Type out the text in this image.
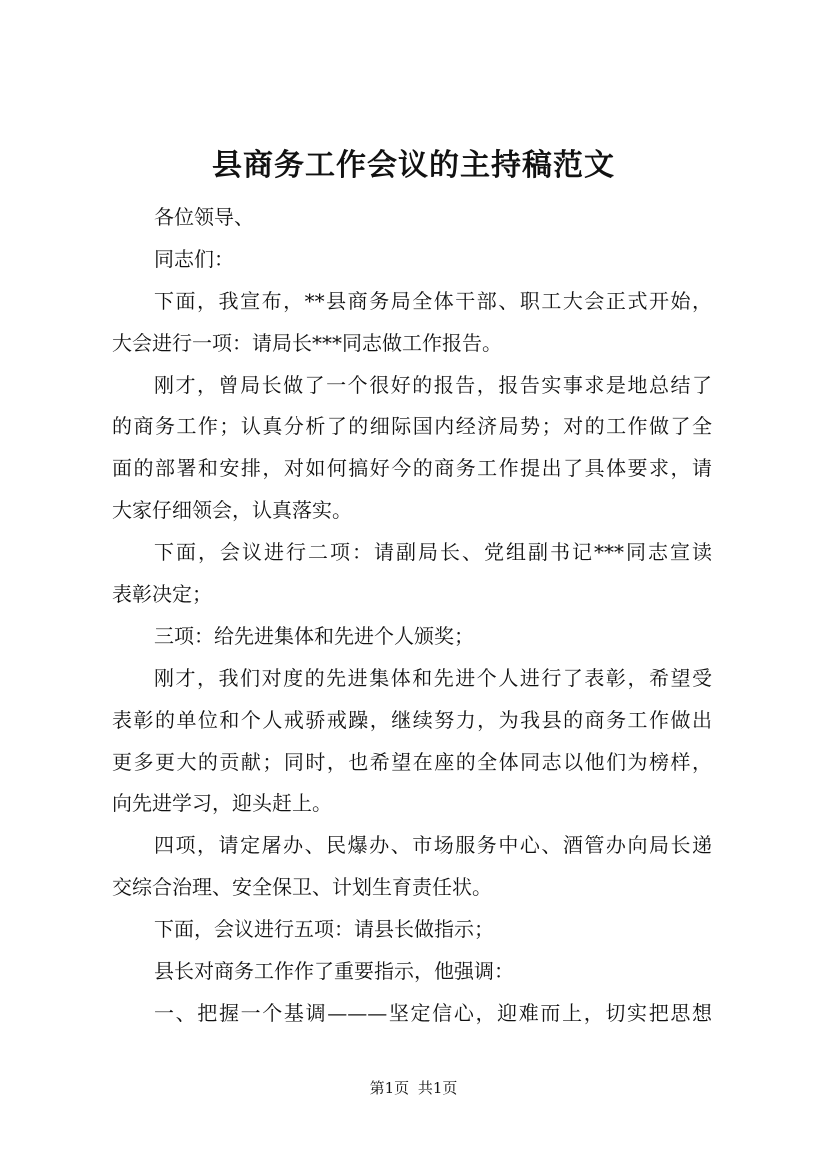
县商务工作会议的主持稿范文
各位领导、
同志们：
下面，我宣布，**县商务局全体干部、职工大会正式开始，
大会进行一项：请局长***同志做工作报告。
刚才，曾局长做了一个很好的报告，报告实事求是地总结了
的商务工作；认真分析了的细际国内经济局势；对的工作做了全
面的部署和安排，对如何搞好今的商务工作提出了具体要求，请
大家仔细领会，认真落实。
下面，会议进行二项：请副局长、党组副书记***同志宣读
表彰决定；
三项：给先进集体和先进个人颁奖；
刚才，我们对度的先进集体和先进个人进行了表彰，希望受
表彰的单位和个人戒骄戒躁，继续努力，为我县的商务工作做出
更多更大的贡献；同时，也希望在座的全体同志以他们为榜样，
向先进学习，迎头赶上。
四项，请定屠办、民爆办、市场服务中心、酒管办向局长递
交综合治理、安全保卫、计划生育责任状。
下面，会议进行五项：请县长做指示；
县长对商务工作作了重要指示，他强调：
一、把握一个基调———坚定信心，迎难而上，切实把思想
第1页 共1页
